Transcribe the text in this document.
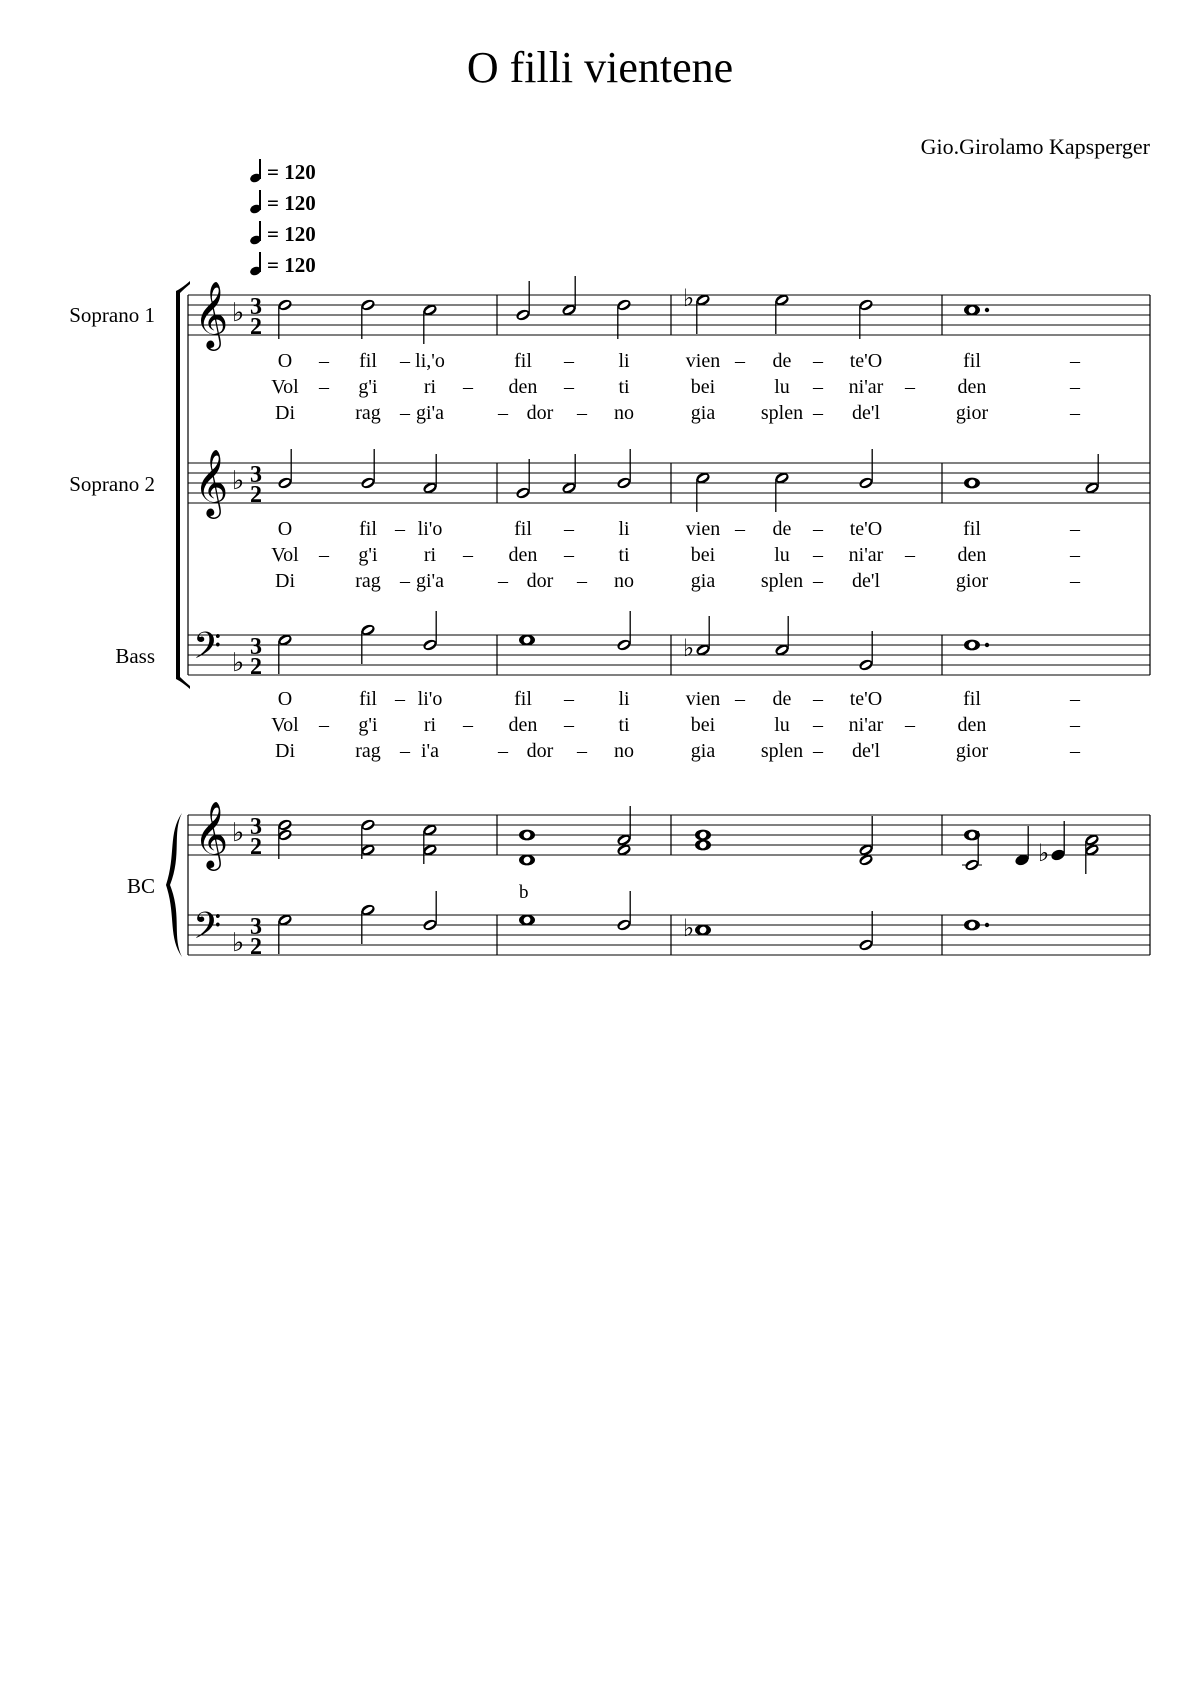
O filli vientene
Gio.Girolamo Kapsperger
= 120
= 120
= 120
= 120
Soprano 1
Soprano 2
Bass
BC
𝄞 ♭ 3
2
𝄞 ♭ 3
2
𝄢 ♭
3
2
𝄞 ♭ 3
2
𝄢 ♭
3
2
♭
♭
♭
♭
b
O – fil – li,'o	fil – li	vien – de – te'O	fil	–
Vol – g'i ri – den – ti	bei	lu – ni'ar – den	–
Di	rag – gi'a	– dor – no	gia splen – de'l	gior	–
O	fil – li'o	fil – li	vien – de – te'O	fil	–
Vol – g'i ri – den – ti	bei	lu – ni'ar – den	–
Di	rag – gi'a	– dor – no	gia splen – de'l	gior	–
O	fil – li'o	fil – li	vien – de – te'O	fil	–
Vol – g'i ri – den – ti	bei	lu – ni'ar – den	–
Di	rag – i'a	– dor – no	gia splen – de'l	gior	–
